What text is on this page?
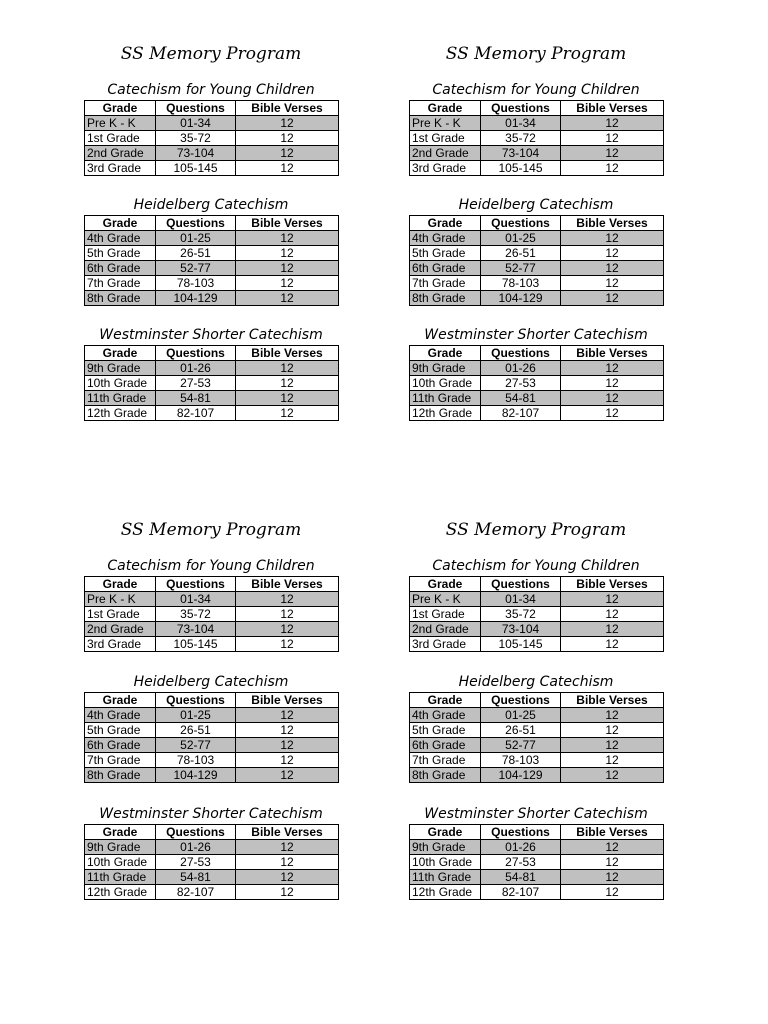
SS Memory Program
Catechism for Young Children
Grade	Questions	Bible Verses
Pre K - K	01-34	12
1st Grade	35-72	12
2nd Grade	73-104	12
3rd Grade	105-145	12
Heidelberg Catechism
Grade	Questions	Bible Verses
4th Grade	01-25	12
5th Grade	26-51	12
6th Grade	52-77	12
7th Grade	78-103	12
8th Grade	104-129	12
Westminster Shorter Catechism
Grade	Questions	Bible Verses
9th Grade	01-26	12
10th Grade	27-53	12
11th Grade	54-81	12
12th Grade	82-107	12
SS Memory Program
Catechism for Young Children
Grade	Questions	Bible Verses
Pre K - K	01-34	12
1st Grade	35-72	12
2nd Grade	73-104	12
3rd Grade	105-145	12
Heidelberg Catechism
Grade	Questions	Bible Verses
4th Grade	01-25	12
5th Grade	26-51	12
6th Grade	52-77	12
7th Grade	78-103	12
8th Grade	104-129	12
Westminster Shorter Catechism
Grade	Questions	Bible Verses
9th Grade	01-26	12
10th Grade	27-53	12
11th Grade	54-81	12
12th Grade	82-107	12
SS Memory Program
Catechism for Young Children
Grade	Questions	Bible Verses
Pre K - K	01-34	12
1st Grade	35-72	12
2nd Grade	73-104	12
3rd Grade	105-145	12
Heidelberg Catechism
Grade	Questions	Bible Verses
4th Grade	01-25	12
5th Grade	26-51	12
6th Grade	52-77	12
7th Grade	78-103	12
8th Grade	104-129	12
Westminster Shorter Catechism
Grade	Questions	Bible Verses
9th Grade	01-26	12
10th Grade	27-53	12
11th Grade	54-81	12
12th Grade	82-107	12
SS Memory Program
Catechism for Young Children
Grade	Questions	Bible Verses
Pre K - K	01-34	12
1st Grade	35-72	12
2nd Grade	73-104	12
3rd Grade	105-145	12
Heidelberg Catechism
Grade	Questions	Bible Verses
4th Grade	01-25	12
5th Grade	26-51	12
6th Grade	52-77	12
7th Grade	78-103	12
8th Grade	104-129	12
Westminster Shorter Catechism
Grade	Questions	Bible Verses
9th Grade	01-26	12
10th Grade	27-53	12
11th Grade	54-81	12
12th Grade	82-107	12
